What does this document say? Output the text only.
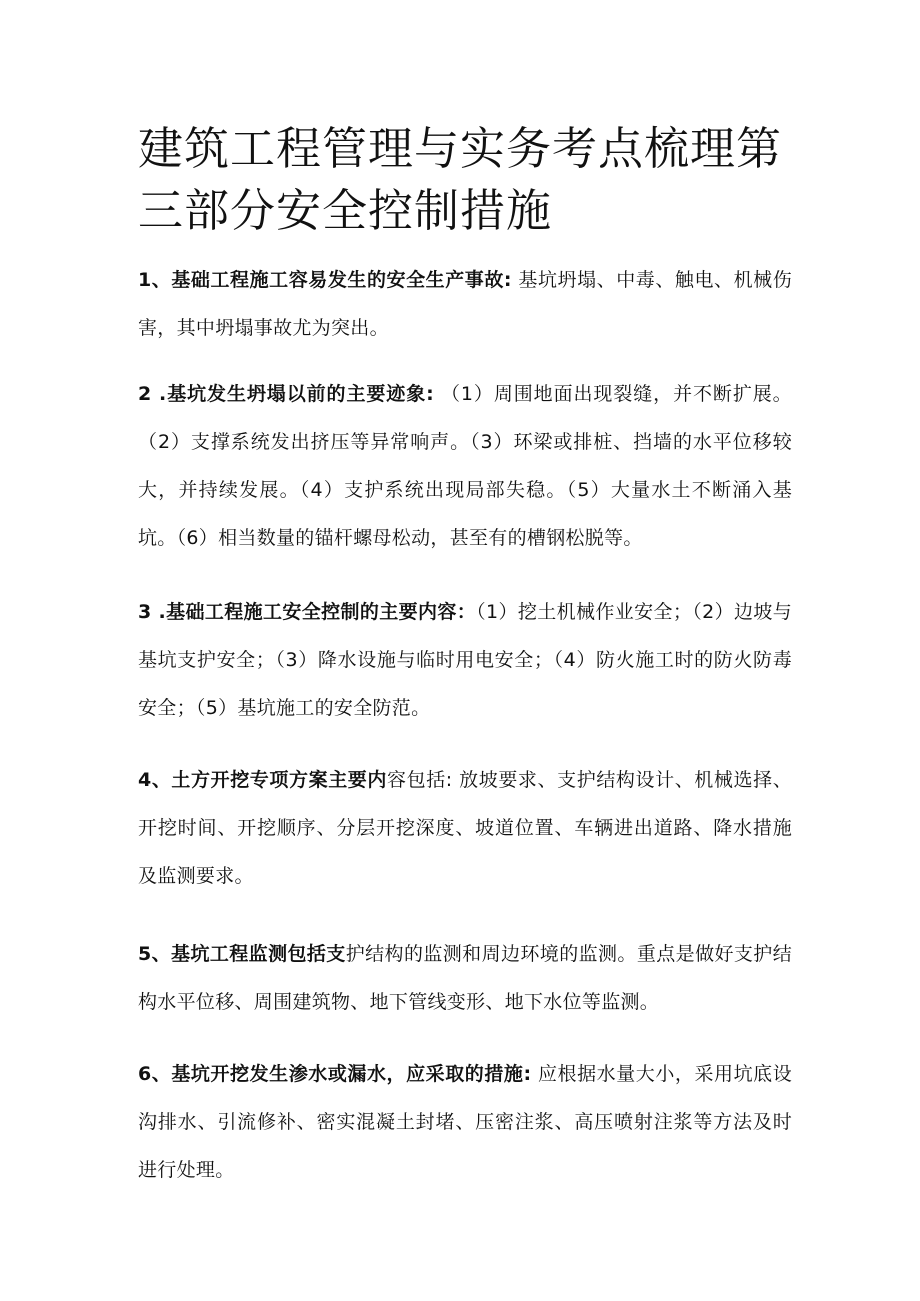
建筑工程管理与实务考点梳理第三部分安全控制措施

1、基础工程施工容易发生的安全生产事故: 基坑坍塌、中毒、触电、机械伤害，其中坍塌事故尤为突出。

2 .基坑发生坍塌以前的主要迹象: （1）周围地面出现裂缝，并不断扩展。（2）支撑系统发出挤压等异常响声。（3）环梁或排桩、挡墙的水平位移较大，并持续发展。（4）支护系统出现局部失稳。（5）大量水土不断涌入基坑。（6）相当数量的锚杆螺母松动，甚至有的槽钢松脱等。

3 .基础工程施工安全控制的主要内容：（1）挖土机械作业安全；（2）边坡与基坑支护安全；（3）降水设施与临时用电安全；（4）防火施工时的防火防毒安全；（5）基坑施工的安全防范。

4、土方开挖专项方案主要内容包括: 放坡要求、支护结构设计、机械选择、开挖时间、开挖顺序、分层开挖深度、坡道位置、车辆进出道路、降水措施及监测要求。

5、基坑工程监测包括支护结构的监测和周边环境的监测。重点是做好支护结构水平位移、周围建筑物、地下管线变形、地下水位等监测。

6、基坑开挖发生渗水或漏水，应采取的措施: 应根据水量大小，采用坑底设沟排水、引流修补、密实混凝土封堵、压密注浆、高压喷射注浆等方法及时进行处理。
